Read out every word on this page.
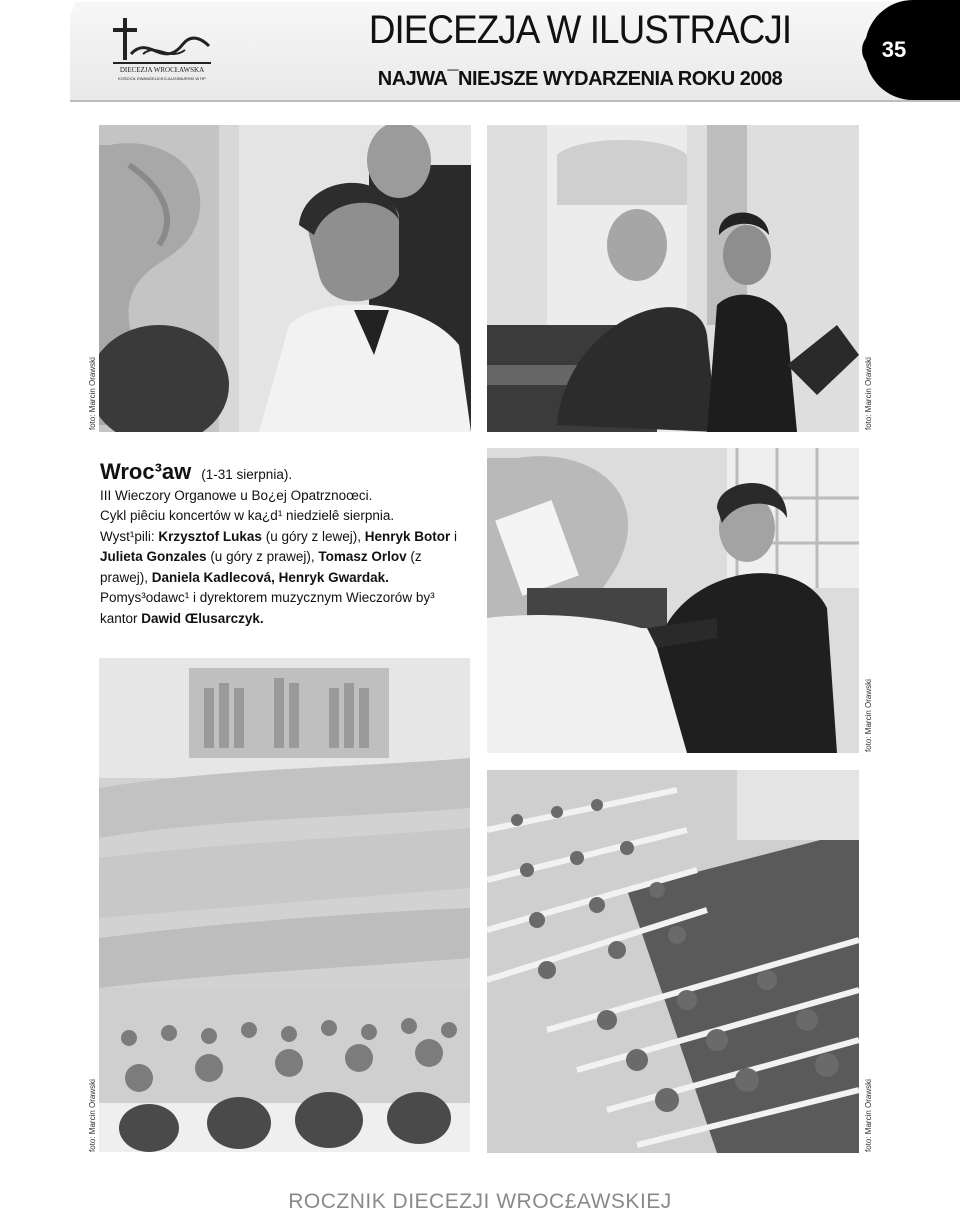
DIECEZJA WROCŁAWSKA
KOŚCIOŁ EWANGELICKO-AUGSBURSKI W RP
DIECEZJA W ILUSTRACJI
NAJWA¯NIEJSZE WYDARZENIA ROKU 2008
35
foto: Marcin Orawski	foto: Marcin Orawski

Wroc³aw (1-31 sierpnia).

III Wieczory Organowe u Bo¿ej Opatrznoœci.

Cykl piêciu koncertów w ka¿d¹ niedzielê sierpnia.

Wyst¹pili: Krzysztof Lukas (u góry z lewej), Henryk Botor i Julieta Gonzales (u góry z prawej), Tomasz Orlov (z prawej), Daniela Kadlecová, Henryk Gwardak.

Pomys³odawc¹ i dyrektorem muzycznym Wieczorów by³ kantor Dawid Œlusarczyk.

foto: Marcin Orawski
foto: Marcin Orawski	foto: Marcin Orawski
ROCZNIK DIECEZJI WROC£AWSKIEJ
